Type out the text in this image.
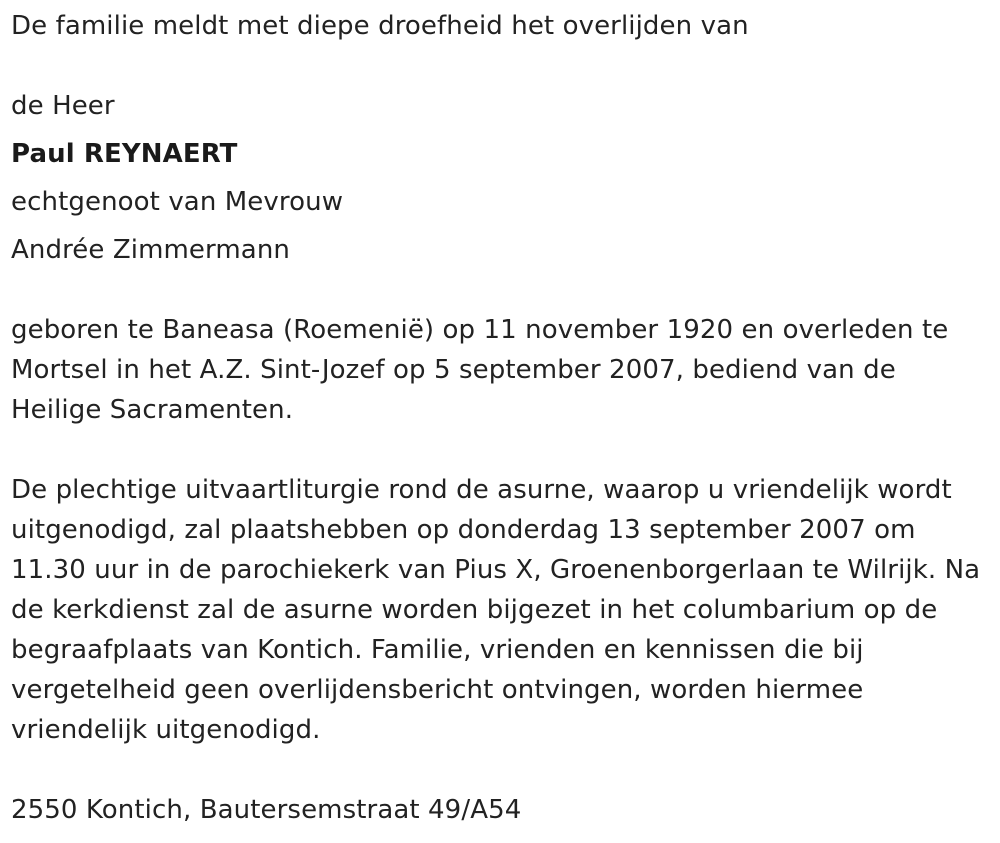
De familie meldt met diepe droefheid het overlijden van
de Heer
Paul REYNAERT
echtgenoot van Mevrouw
Andrée Zimmermann
geboren te Baneasa (Roemenië) op 11 november 1920 en overleden te
Mortsel in het A.Z. Sint-Jozef op 5 september 2007, bediend van de
Heilige Sacramenten.
De plechtige uitvaartliturgie rond de asurne, waarop u vriendelijk wordt
uitgenodigd, zal plaatshebben op donderdag 13 september 2007 om
11.30 uur in de parochiekerk van Pius X, Groenenborgerlaan te Wilrijk. Na
de kerkdienst zal de asurne worden bijgezet in het columbarium op de
begraafplaats van Kontich. Familie, vrienden en kennissen die bij
vergetelheid geen overlijdensbericht ontvingen, worden hiermee
vriendelijk uitgenodigd.
2550 Kontich, Bautersemstraat 49/A54
